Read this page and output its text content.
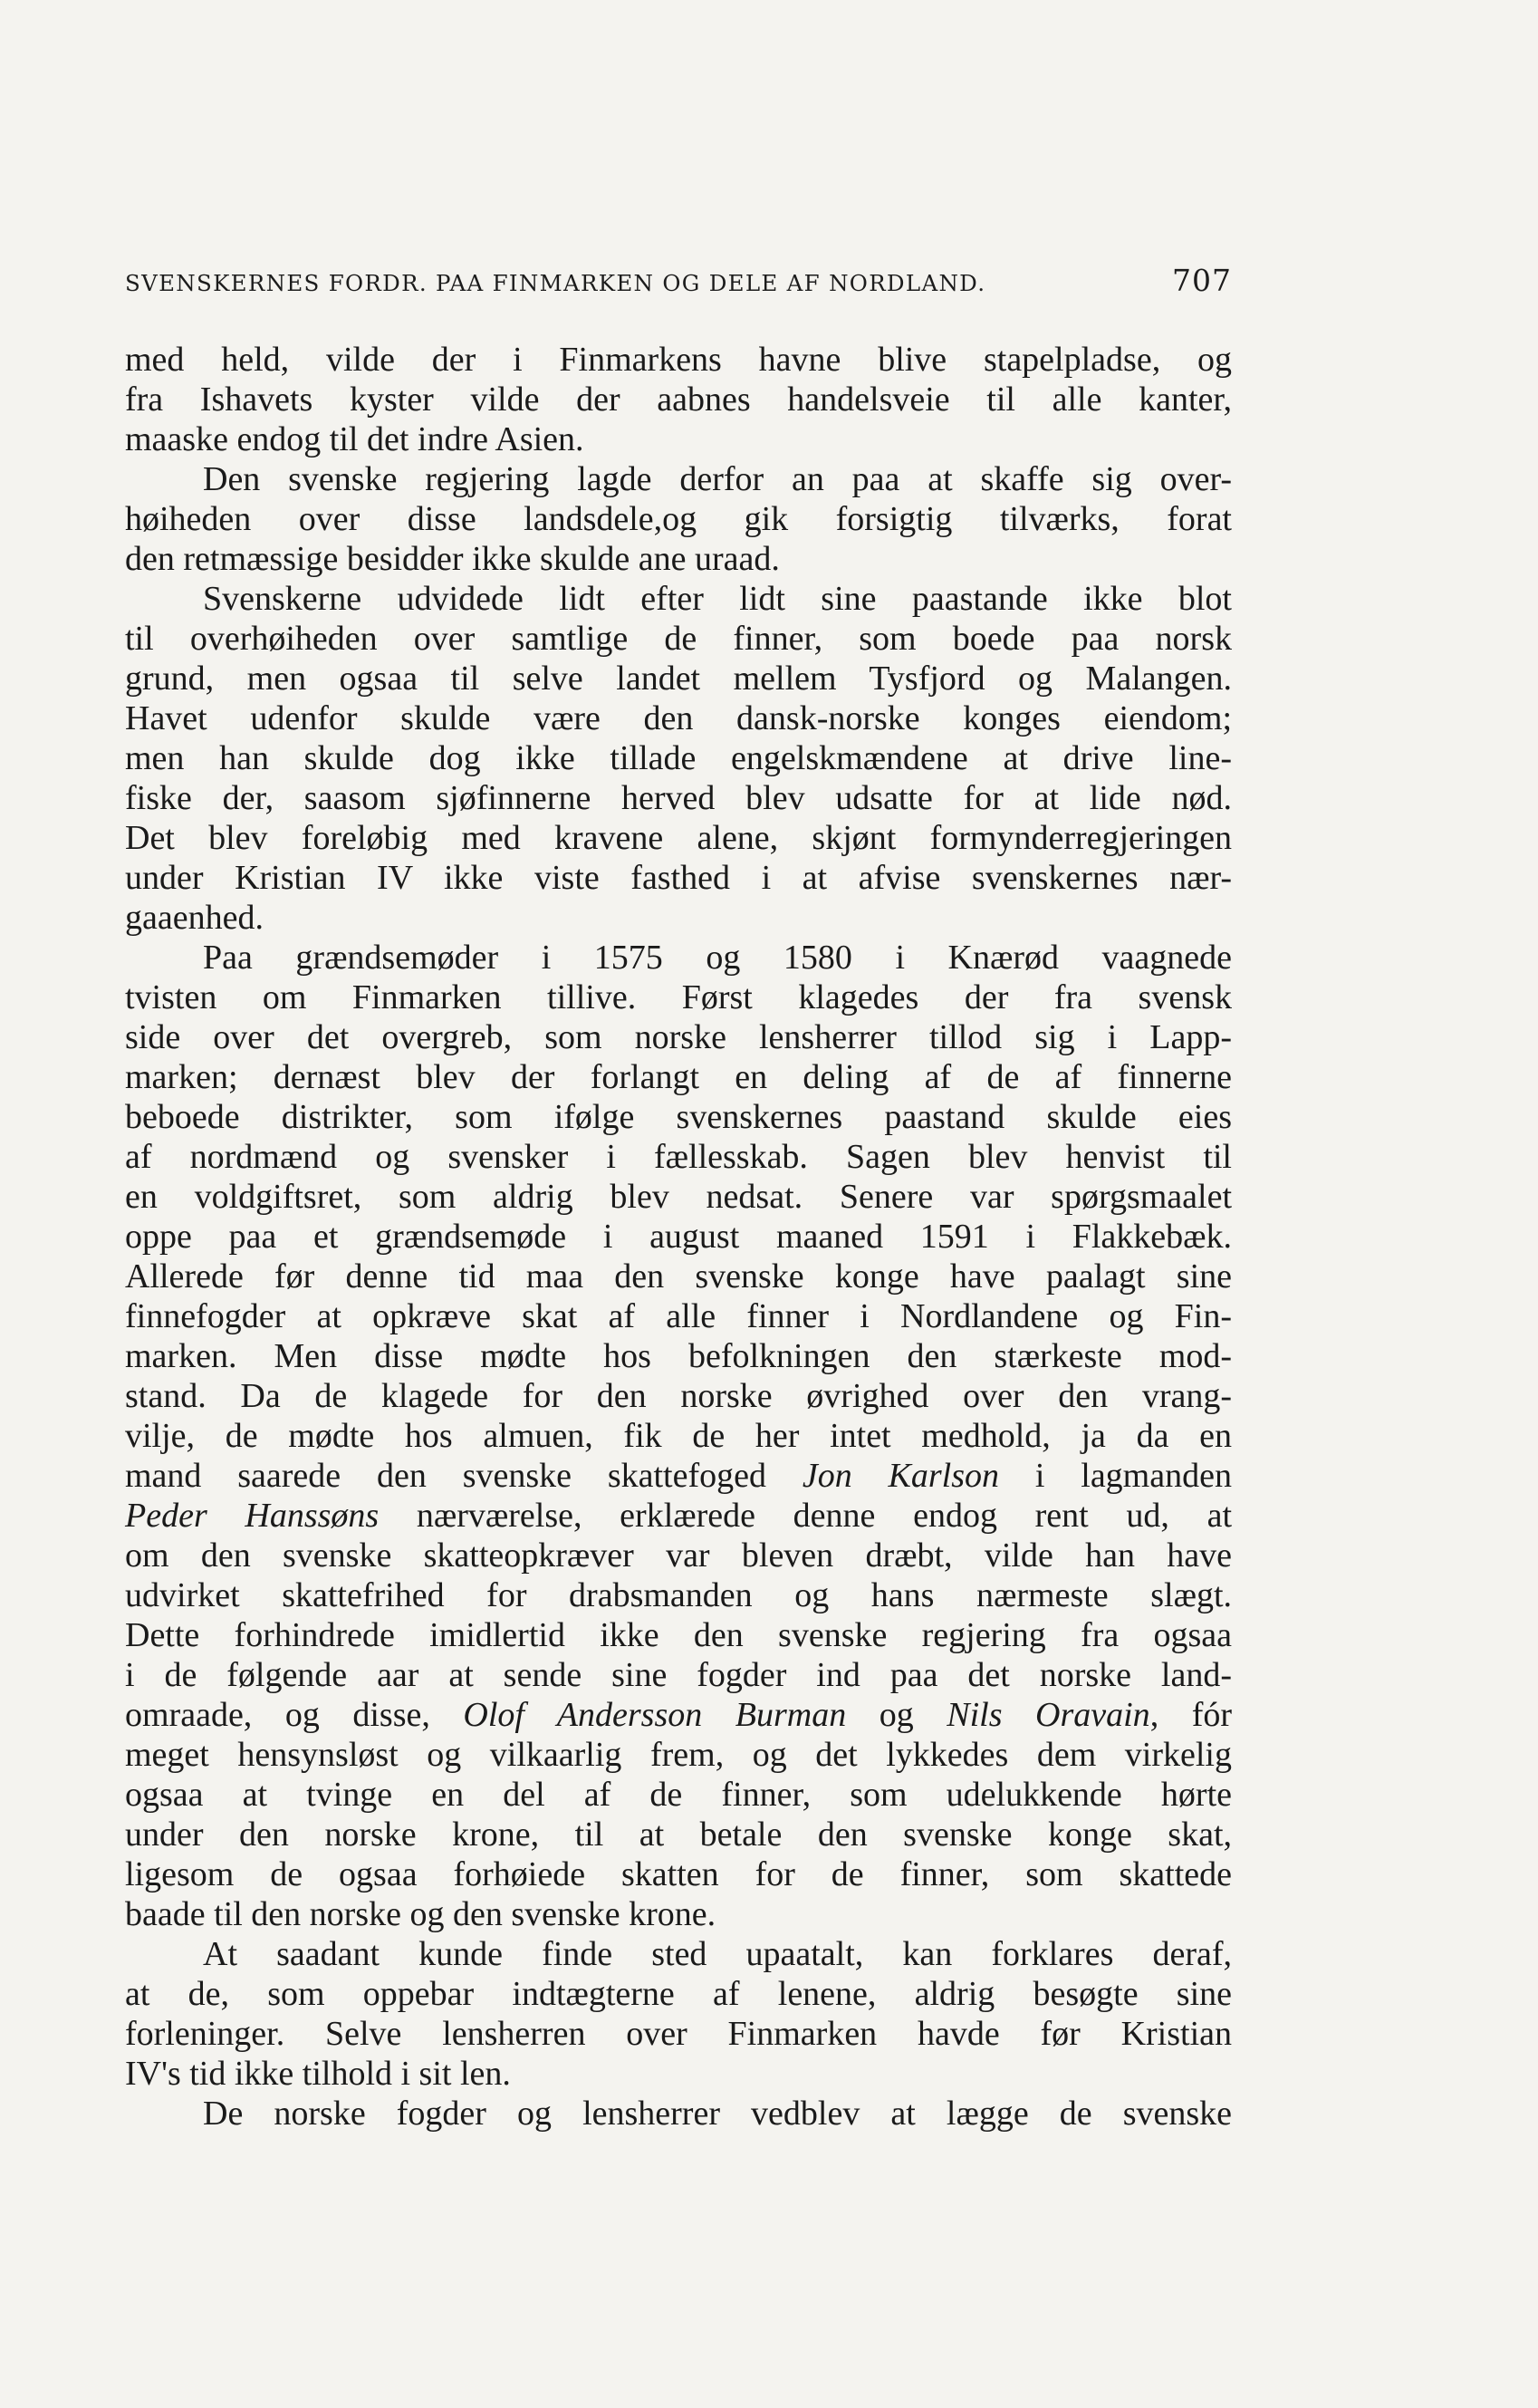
SVENSKERNES FORDR. PAA FINMARKEN OG DELE AF NORDLAND.	707
med held, vilde der i Finmarkens havne blive stapelpladse, og
fra Ishavets kyster vilde der aabnes handelsveie til alle kanter,
maaske endog til det indre Asien.
Den svenske regjering lagde derfor an paa at skaffe sig over-
høiheden over disse landsdele,og gik forsigtig tilværks, forat
den retmæssige besidder ikke skulde ane uraad.
Svenskerne udvidede lidt efter lidt sine paastande ikke blot
til overhøiheden over samtlige de finner, som boede paa norsk
grund, men ogsaa til selve landet mellem Tysfjord og Malangen.
Havet udenfor skulde være den dansk-norske konges eiendom;
men han skulde dog ikke tillade engelskmændene at drive line-
fiske der, saasom sjøfinnerne herved blev udsatte for at lide nød.
Det blev foreløbig med kravene alene, skjønt formynderregjeringen
under Kristian IV ikke viste fasthed i at afvise svenskernes nær-
gaaenhed.
Paa grændsemøder i 1575 og 1580 i Knærød vaagnede
tvisten om Finmarken tillive. Først klagedes der fra svensk
side over det overgreb, som norske lensherrer tillod sig i Lapp-
marken; dernæst blev der forlangt en deling af de af finnerne
beboede distrikter, som ifølge svenskernes paastand skulde eies
af nordmænd og svensker i fællesskab. Sagen blev henvist til
en voldgiftsret, som aldrig blev nedsat. Senere var spørgsmaalet
oppe paa et grændsemøde i august maaned 1591 i Flakkebæk.
Allerede før denne tid maa den svenske konge have paalagt sine
finnefogder at opkræve skat af alle finner i Nordlandene og Fin-
marken. Men disse mødte hos befolkningen den stærkeste mod-
stand. Da de klagede for den norske øvrighed over den vrang-
vilje, de mødte hos almuen, fik de her intet medhold, ja da en
mand saarede den svenske skattefoged Jon Karlson i lagmanden
Peder Hanssøns nærværelse, erklærede denne endog rent ud, at
om den svenske skatteopkræver var bleven dræbt, vilde han have
udvirket skattefrihed for drabsmanden og hans nærmeste slægt.
Dette forhindrede imidlertid ikke den svenske regjering fra ogsaa
i de følgende aar at sende sine fogder ind paa det norske land-
omraade, og disse, Olof Andersson Burman og Nils Oravain, fór
meget hensynsløst og vilkaarlig frem, og det lykkedes dem virkelig
ogsaa at tvinge en del af de finner, som udelukkende hørte
under den norske krone, til at betale den svenske konge skat,
ligesom de ogsaa forhøiede skatten for de finner, som skattede
baade til den norske og den svenske krone.
At saadant kunde finde sted upaatalt, kan forklares deraf,
at de, som oppebar indtægterne af lenene, aldrig besøgte sine
forleninger. Selve lensherren over Finmarken havde før Kristian
IV's tid ikke tilhold i sit len.
De norske fogder og lensherrer vedblev at lægge de svenske
